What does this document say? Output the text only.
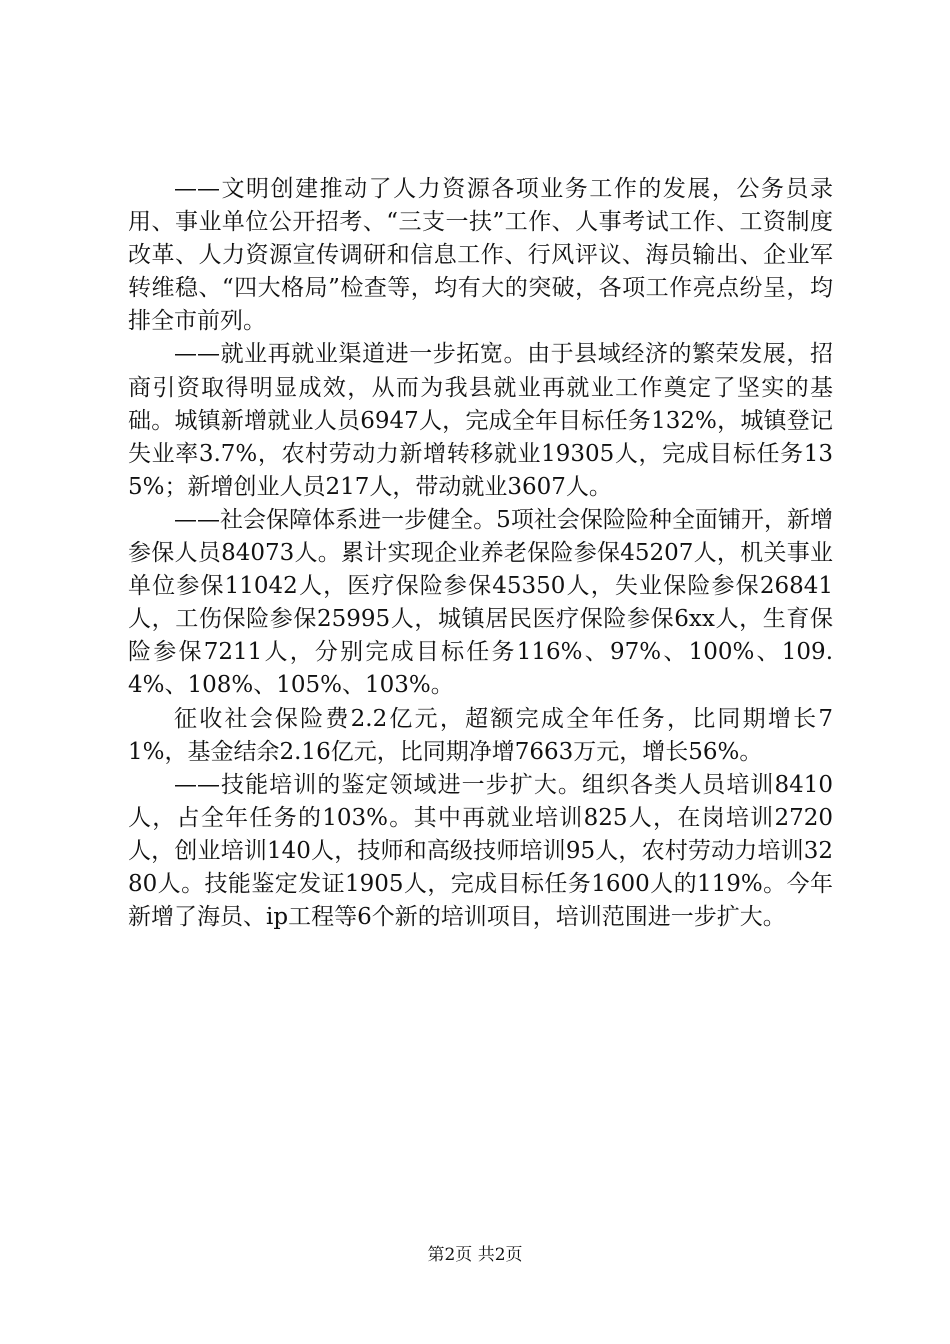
——文明创建推动了人力资源各项业务工作的发展，公务员录用、事业单位公开招考、“三支一扶”工作、人事考试工作、工资制度改革、人力资源宣传调研和信息工作、行风评议、海员输出、企业军转维稳、“四大格局”检查等，均有大的突破，各项工作亮点纷呈，均排全市前列。

——就业再就业渠道进一步拓宽。由于县域经济的繁荣发展，招商引资取得明显成效，从而为我县就业再就业工作奠定了坚实的基础。城镇新增就业人员6947人，完成全年目标任务132%，城镇登记失业率3.7%，农村劳动力新增转移就业19305人，完成目标任务135%；新增创业人员217人，带动就业3607人。

——社会保障体系进一步健全。5项社会保险险种全面铺开，新增参保人员84073人。累计实现企业养老保险参保45207人，机关事业单位参保11042人，医疗保险参保45350人，失业保险参保26841人，工伤保险参保25995人，城镇居民医疗保险参保6xx人，生育保险参保7211人，分别完成目标任务116%、97%、100%、109.4%、108%、105%、103%。

征收社会保险费2.2亿元，超额完成全年任务，比同期增长71%，基金结余2.16亿元，比同期净增7663万元，增长56%。

——技能培训的鉴定领域进一步扩大。组织各类人员培训8410人，占全年任务的103%。其中再就业培训825人，在岗培训2720人，创业培训140人，技师和高级技师培训95人，农村劳动力培训3280人。技能鉴定发证1905人，完成目标任务1600人的119%。今年新增了海员、ip工程等6个新的培训项目，培训范围进一步扩大。

第2页 共2页
